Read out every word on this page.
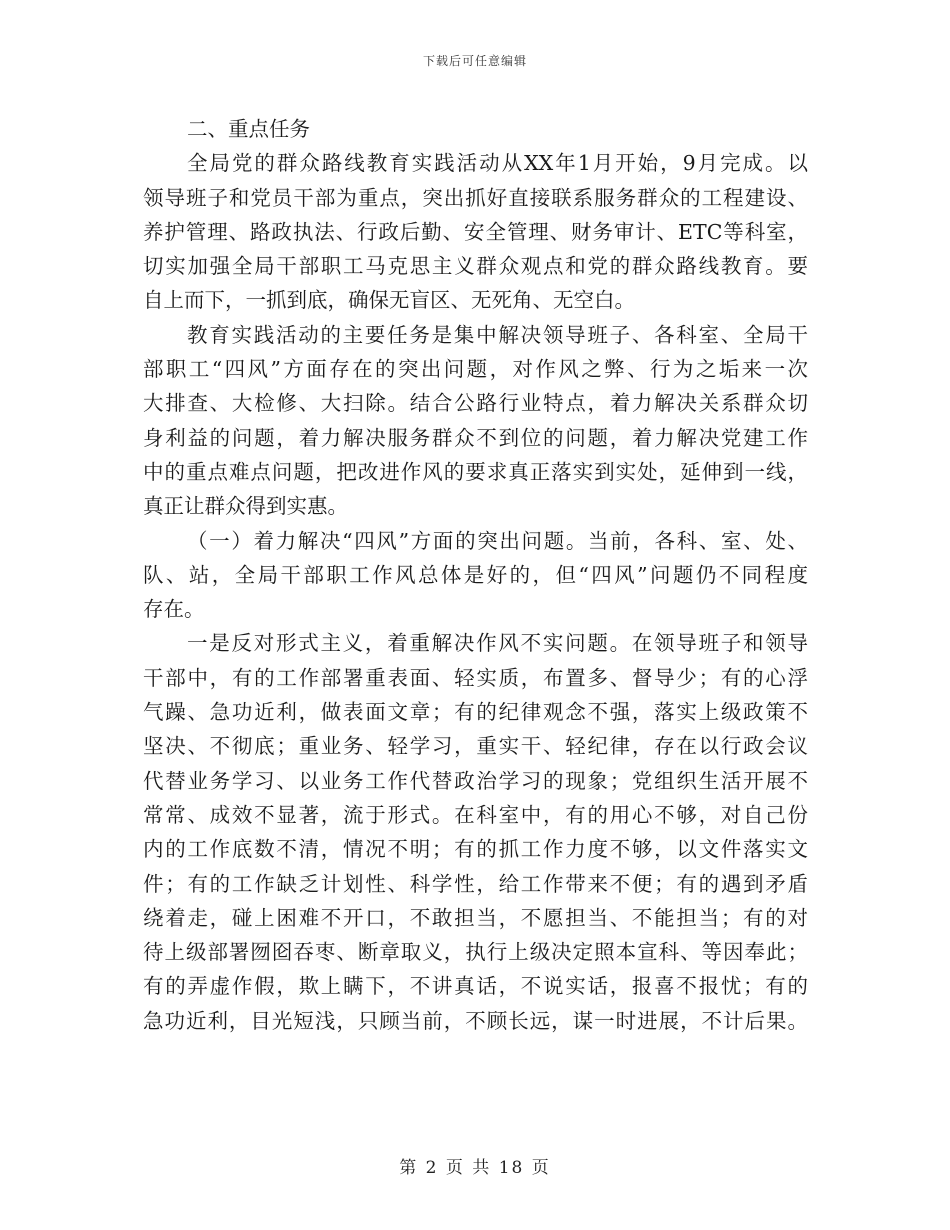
下载后可任意编辑
二、重点任务
全局党的群众路线教育实践活动从XX年1月开始，9月完成。以
领导班子和党员干部为重点，突出抓好直接联系服务群众的工程建设、
养护管理、路政执法、行政后勤、安全管理、财务审计、ETC等科室，
切实加强全局干部职工马克思主义群众观点和党的群众路线教育。要
自上而下，一抓到底，确保无盲区、无死角、无空白。
教育实践活动的主要任务是集中解决领导班子、各科室、全局干
部职工“四风”方面存在的突出问题，对作风之弊、行为之垢来一次
大排查、大检修、大扫除。结合公路行业特点，着力解决关系群众切
身利益的问题，着力解决服务群众不到位的问题，着力解决党建工作
中的重点难点问题，把改进作风的要求真正落实到实处，延伸到一线，
真正让群众得到实惠。
（一）着力解决“四风”方面的突出问题。当前，各科、室、处、
队、站，全局干部职工作风总体是好的，但“四风”问题仍不同程度
存在。
一是反对形式主义，着重解决作风不实问题。在领导班子和领导
干部中，有的工作部署重表面、轻实质，布置多、督导少；有的心浮
气躁、急功近利，做表面文章；有的纪律观念不强，落实上级政策不
坚决、不彻底；重业务、轻学习，重实干、轻纪律，存在以行政会议
代替业务学习、以业务工作代替政治学习的现象；党组织生活开展不
常常、成效不显著，流于形式。在科室中，有的用心不够，对自己份
内的工作底数不清，情况不明；有的抓工作力度不够，以文件落实文
件；有的工作缺乏计划性、科学性，给工作带来不便；有的遇到矛盾
绕着走，碰上困难不开口，不敢担当，不愿担当、不能担当；有的对
待上级部署囫囵吞枣、断章取义，执行上级决定照本宣科、等因奉此；
有的弄虚作假，欺上瞒下，不讲真话，不说实话，报喜不报忧；有的
急功近利，目光短浅，只顾当前，不顾长远，谋一时进展，不计后果。
第 2 页 共 18 页
